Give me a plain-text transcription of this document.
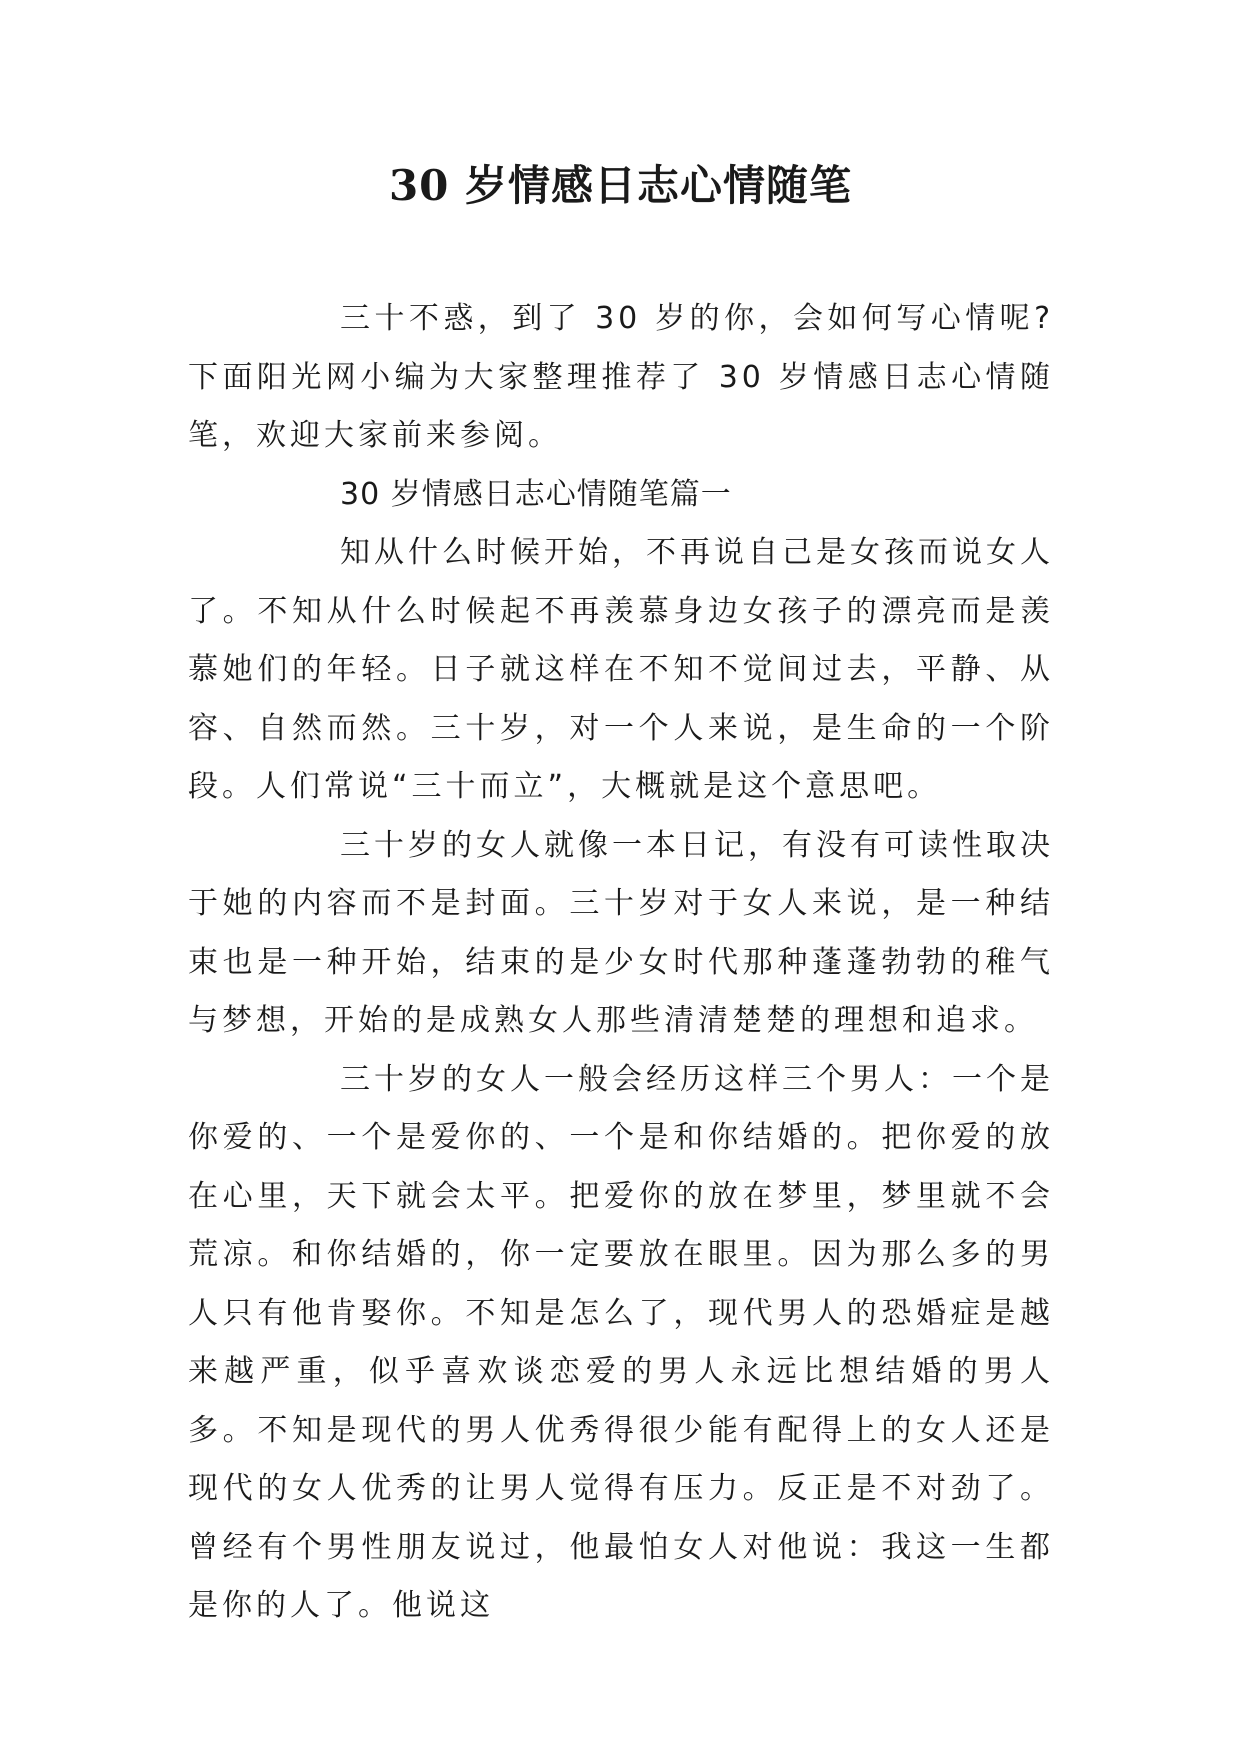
30 岁情感日志心情随笔

三十不惑，到了 30 岁的你，会如何写心情呢?下面阳光网小编为大家整理推荐了 30 岁情感日志心情随笔，欢迎大家前来参阅。

30 岁情感日志心情随笔篇一

知从什么时候开始，不再说自己是女孩而说女人了。不知从什么时候起不再羡慕身边女孩子的漂亮而是羡慕她们的年轻。日子就这样在不知不觉间过去，平静、从容、自然而然。三十岁，对一个人来说，是生命的一个阶段。人们常说“三十而立”，大概就是这个意思吧。

三十岁的女人就像一本日记，有没有可读性取决于她的内容而不是封面。三十岁对于女人来说，是一种结束也是一种开始，结束的是少女时代那种蓬蓬勃勃的稚气与梦想，开始的是成熟女人那些清清楚楚的理想和追求。

三十岁的女人一般会经历这样三个男人：一个是你爱的、一个是爱你的、一个是和你结婚的。把你爱的放在心里，天下就会太平。把爱你的放在梦里，梦里就不会荒凉。和你结婚的，你一定要放在眼里。因为那么多的男人只有他肯娶你。不知是怎么了，现代男人的恐婚症是越来越严重，似乎喜欢谈恋爱的男人永远比想结婚的男人多。不知是现代的男人优秀得很少能有配得上的女人还是现代的女人优秀的让男人觉得有压力。反正是不对劲了。曾经有个男性朋友说过，他最怕女人对他说：我这一生都是你的人了。他说这
